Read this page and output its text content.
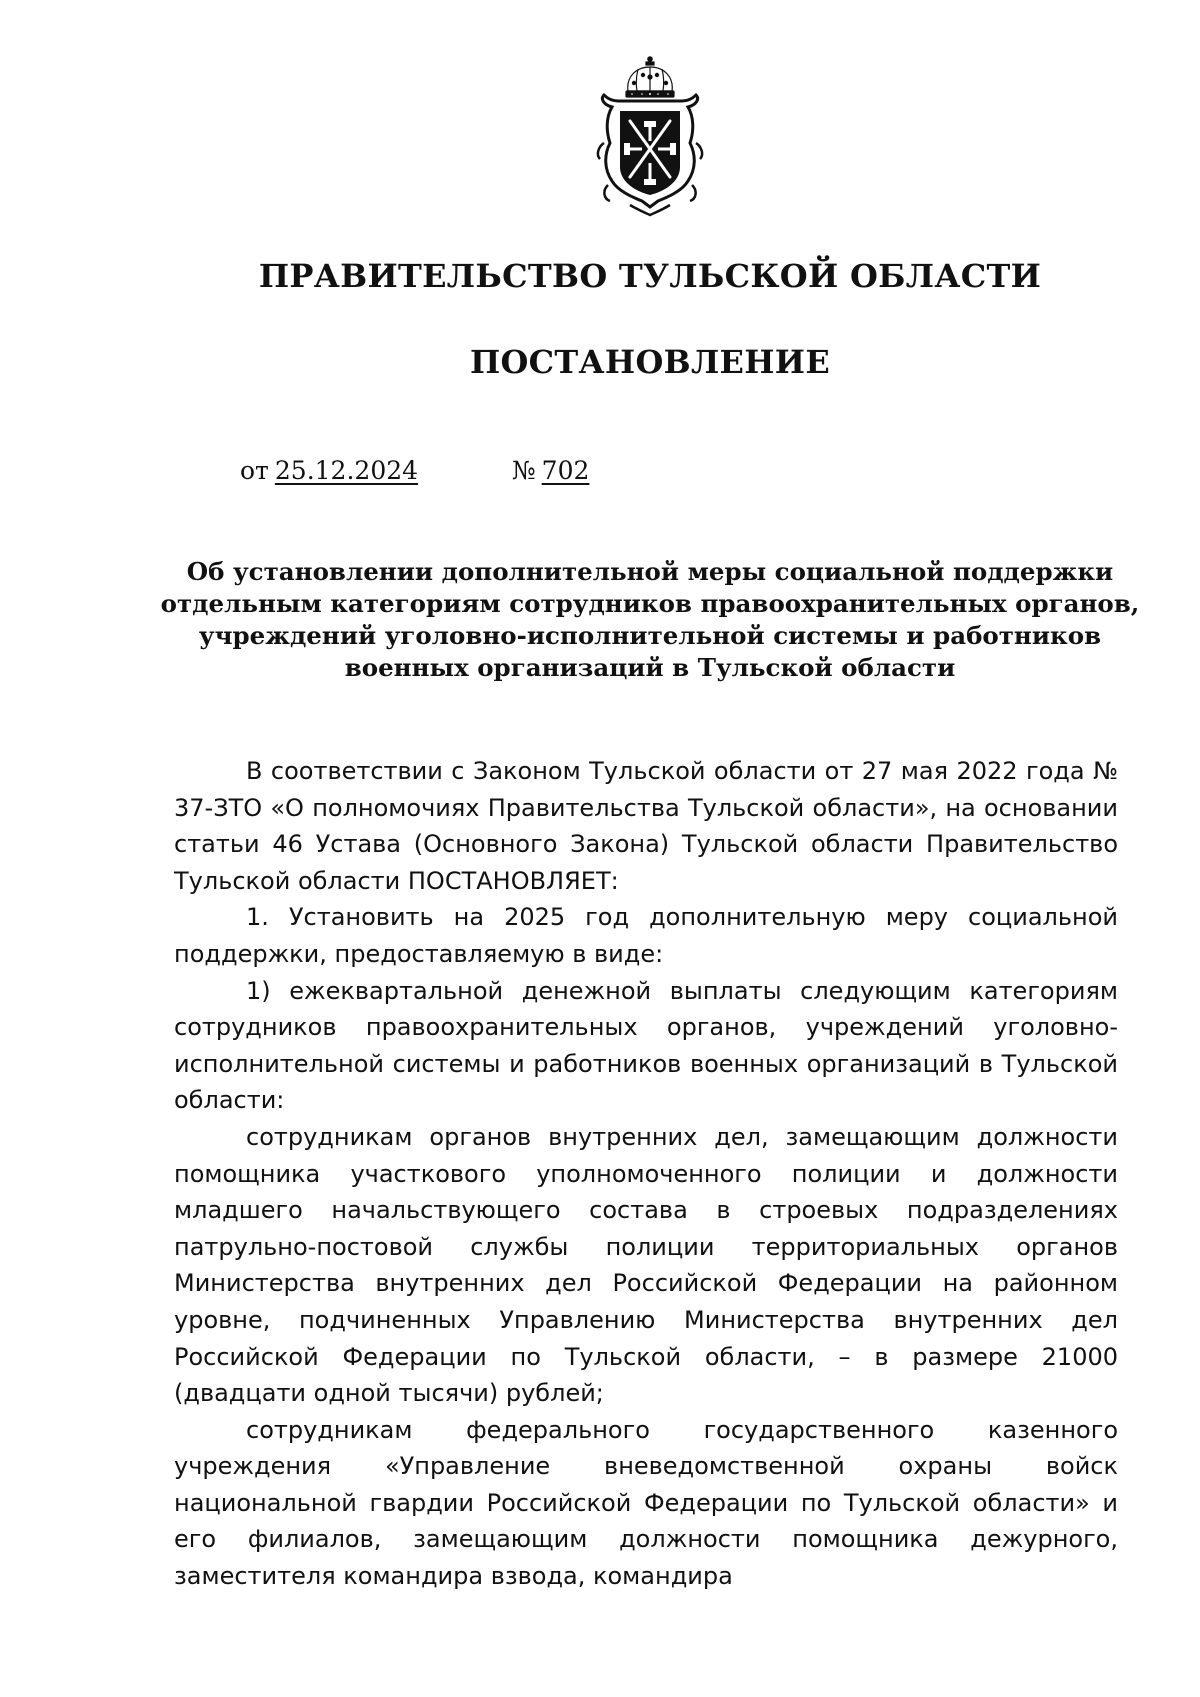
ПРАВИТЕЛЬСТВО ТУЛЬСКОЙ ОБЛАСТИ
ПОСТАНОВЛЕНИЕ
от 25.12.2024	№ 702
Об установлении дополнительной меры социальной поддержки
отдельным категориям сотрудников правоохранительных органов,
учреждений уголовно-исполнительной системы и работников
военных организаций в Тульской области

В соответствии с Законом Тульской области от 27 мая 2022 года № 37-ЗТО «О полномочиях Правительства Тульской области», на основании статьи 46 Устава (Основного Закона) Тульской области Правительство Тульской области ПОСТАНОВЛЯЕТ:

1. Установить на 2025 год дополнительную меру социальной поддержки, предоставляемую в виде:

1) ежеквартальной денежной выплаты следующим категориям сотрудников правоохранительных органов, учреждений уголовно-исполнительной системы и работников военных организаций в Тульской области:

сотрудникам органов внутренних дел, замещающим должности помощника участкового уполномоченного полиции и должности младшего начальствующего состава в строевых подразделениях патрульно-постовой службы полиции территориальных органов Министерства внутренних дел Российской Федерации на районном уровне, подчиненных Управлению Министерства внутренних дел Российской Федерации по Тульской области, – в размере 21000 (двадцати одной тысячи) рублей;

сотрудникам федерального государственного казенного учреждения «Управление вневедомственной охраны войск национальной гвардии Российской Федерации по Тульской области» и его филиалов, замещающим должности помощника дежурного, заместителя командира взвода, командира
